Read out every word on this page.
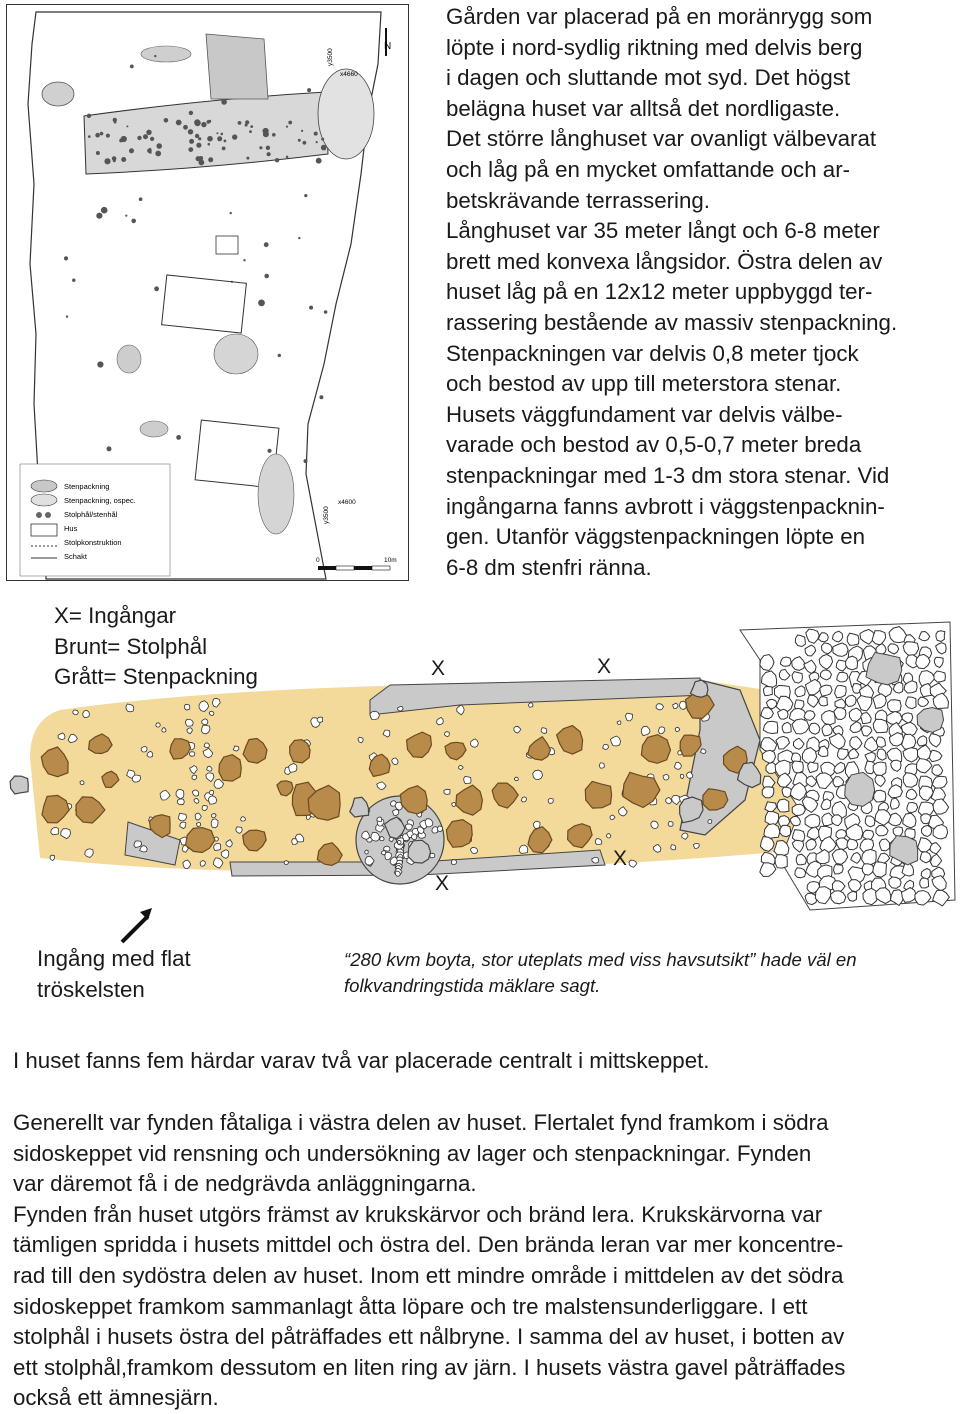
Gården var placerad på en moränrygg som
löpte i nord-sydlig riktning med delvis berg
i dagen och sluttande mot syd. Det högst
belägna huset var alltså det nordligaste.
Det större långhuset var ovanligt välbevarat
och låg på en mycket omfattande och ar-
betskrävande terrassering.
Långhuset var 35 meter långt och 6-8 meter
brett med konvexa långsidor. Östra delen av
huset låg på en 12x12 meter uppbyggd ter-
rassering bestående av massiv stenpackning.
Stenpackningen var delvis 0,8 meter tjock
och bestod av upp till meterstora stenar.
Husets väggfundament var delvis välbe-
varade och bestod av 0,5-0,7 meter breda
stenpackningar med 1-3 dm stora stenar. Vid
ingångarna fanns avbrott i väggstenpacknin-
gen. Utanför väggstenpackningen löpte en
6-8 dm stenfri ränna.
N
x4660
y3500
x4600
y3500
Stenpackning
Stenpackning, ospec.
Stolphål/stenhål
Hus
Stolpkonstruktion
Schakt	0	10m
X	X
X
X
X= Ingångar
Brunt= Stolphål
Grått= Stenpackning
Ingång med flat
tröskelsten
“280 kvm boyta, stor uteplats med viss havsutsikt” hade väl en
folkvandringstida mäklare sagt.
I huset fanns fem härdar varav två var placerade centralt i mittskeppet.
Generellt var fynden fåtaliga i västra delen av huset. Flertalet fynd framkom i södra
sidoskeppet vid rensning och undersökning av lager och stenpackningar. Fynden
var däremot få i de nedgrävda anläggningarna.
Fynden från huset utgörs främst av krukskärvor och bränd lera. Krukskärvorna var
tämligen spridda i husets mittdel och östra del. Den brända leran var mer koncentre-
rad till den sydöstra delen av huset. Inom ett mindre område i mittdelen av det södra
sidoskeppet framkom sammanlagt åtta löpare och tre malstensunderliggare. I ett
stolphål i husets östra del påträffades ett nålbryne. I samma del av huset, i botten av
ett stolphål,framkom dessutom en liten ring av järn. I husets västra gavel påträffades
också ett ämnesjärn.
